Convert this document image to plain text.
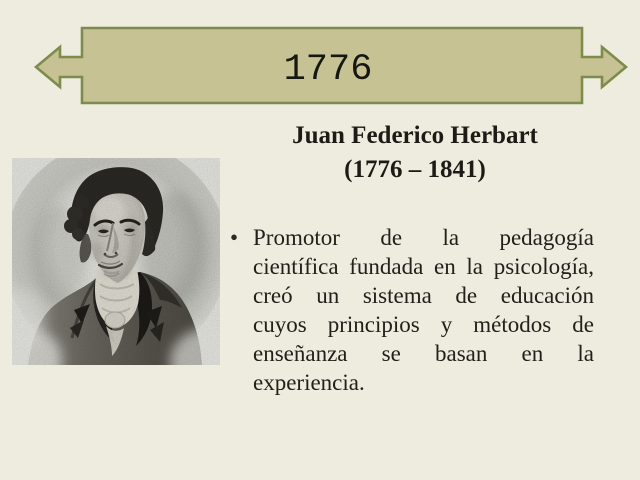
1776
Juan Federico Herbart
(1776 – 1841)
• Promotor de la pedagogía científica fundada en la psicología, creó un sistema de educación cuyos principios y métodos de enseñanza se basan en la experiencia.
